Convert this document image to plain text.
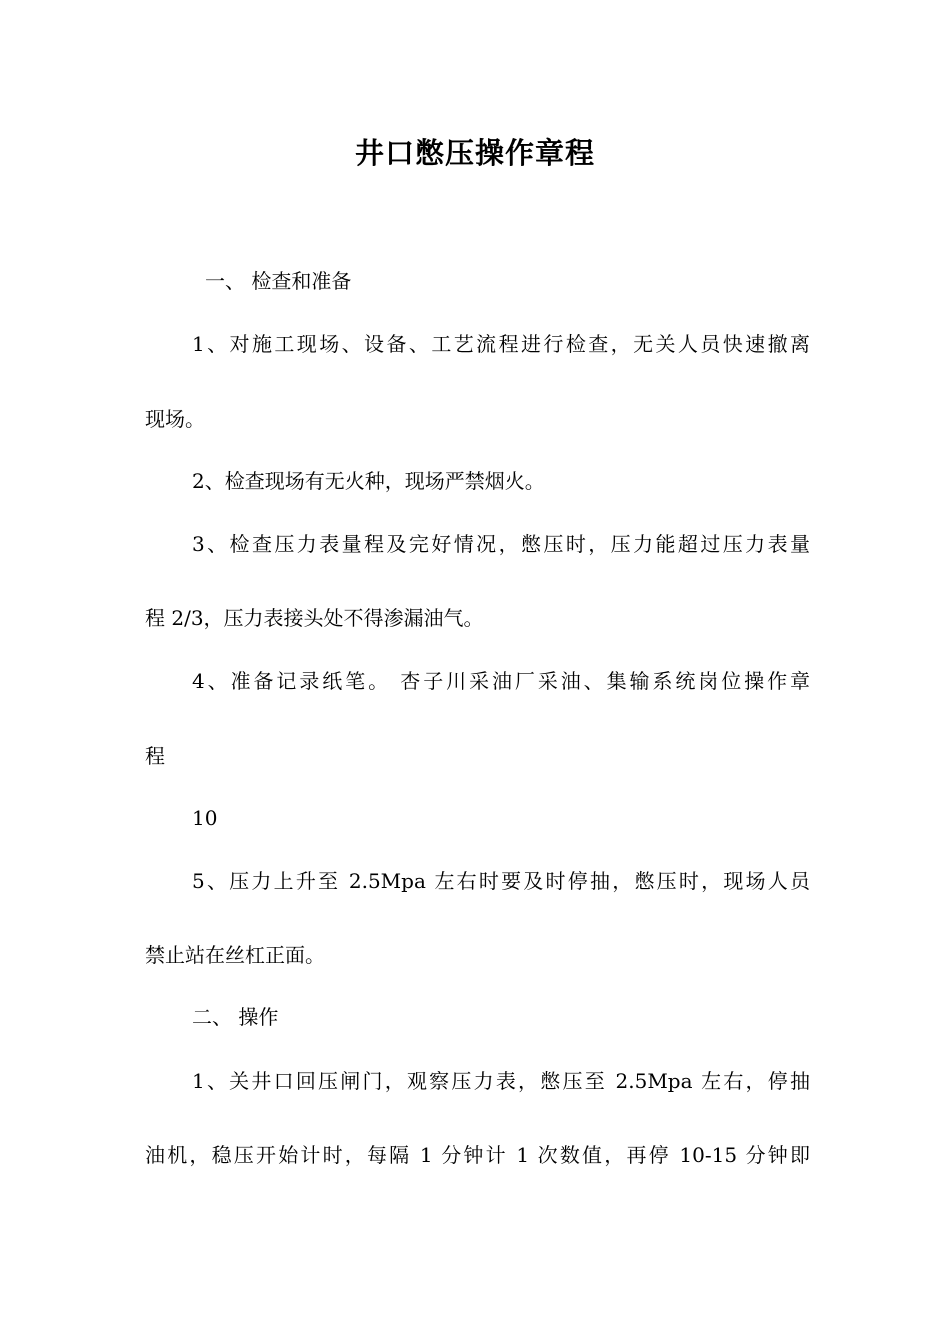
井口憋压操作章程
一、 检查和准备
1、对施工现场、设备、工艺流程进行检查，无关人员快速撤离
现场。
2、检查现场有无火种，现场严禁烟火。
3、检查压力表量程及完好情况，憋压时，压力能超过压力表量
程 2/3，压力表接头处不得渗漏油气。
4、准备记录纸笔。 杏子川采油厂采油、集输系统岗位操作章
程
10
5、压力上升至 2.5Mpa 左右时要及时停抽，憋压时，现场人员
禁止站在丝杠正面。
二、 操作
1、关井口回压闸门，观察压力表，憋压至 2.5Mpa 左右，停抽
油机，稳压开始计时，每隔 1 分钟计 1 次数值，再停 10-15 分钟即
